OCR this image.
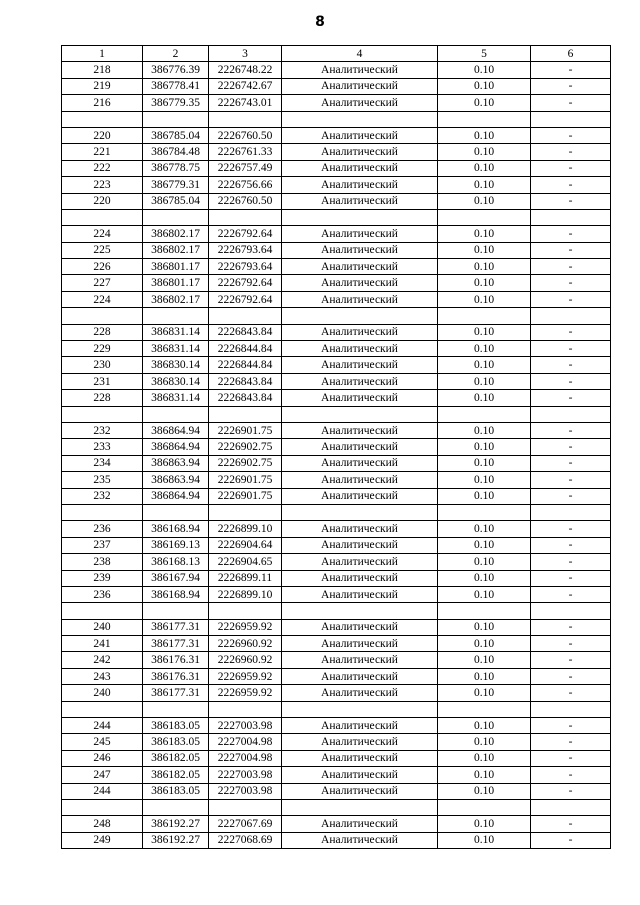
8
1	2	3	4	5	6
218	386776.39	2226748.22	Аналитический	0.10	-
219	386778.41	2226742.67	Аналитический	0.10	-
216	386779.35	2226743.01	Аналитический	0.10	-

220	386785.04	2226760.50	Аналитический	0.10	-
221	386784.48	2226761.33	Аналитический	0.10	-
222	386778.75	2226757.49	Аналитический	0.10	-
223	386779.31	2226756.66	Аналитический	0.10	-
220	386785.04	2226760.50	Аналитический	0.10	-

224	386802.17	2226792.64	Аналитический	0.10	-
225	386802.17	2226793.64	Аналитический	0.10	-
226	386801.17	2226793.64	Аналитический	0.10	-
227	386801.17	2226792.64	Аналитический	0.10	-
224	386802.17	2226792.64	Аналитический	0.10	-

228	386831.14	2226843.84	Аналитический	0.10	-
229	386831.14	2226844.84	Аналитический	0.10	-
230	386830.14	2226844.84	Аналитический	0.10	-
231	386830.14	2226843.84	Аналитический	0.10	-
228	386831.14	2226843.84	Аналитический	0.10	-

232	386864.94	2226901.75	Аналитический	0.10	-
233	386864.94	2226902.75	Аналитический	0.10	-
234	386863.94	2226902.75	Аналитический	0.10	-
235	386863.94	2226901.75	Аналитический	0.10	-
232	386864.94	2226901.75	Аналитический	0.10	-

236	386168.94	2226899.10	Аналитический	0.10	-
237	386169.13	2226904.64	Аналитический	0.10	-
238	386168.13	2226904.65	Аналитический	0.10	-
239	386167.94	2226899.11	Аналитический	0.10	-
236	386168.94	2226899.10	Аналитический	0.10	-

240	386177.31	2226959.92	Аналитический	0.10	-
241	386177.31	2226960.92	Аналитический	0.10	-
242	386176.31	2226960.92	Аналитический	0.10	-
243	386176.31	2226959.92	Аналитический	0.10	-
240	386177.31	2226959.92	Аналитический	0.10	-

244	386183.05	2227003.98	Аналитический	0.10	-
245	386183.05	2227004.98	Аналитический	0.10	-
246	386182.05	2227004.98	Аналитический	0.10	-
247	386182.05	2227003.98	Аналитический	0.10	-
244	386183.05	2227003.98	Аналитический	0.10	-

248	386192.27	2227067.69	Аналитический	0.10	-
249	386192.27	2227068.69	Аналитический	0.10	-
